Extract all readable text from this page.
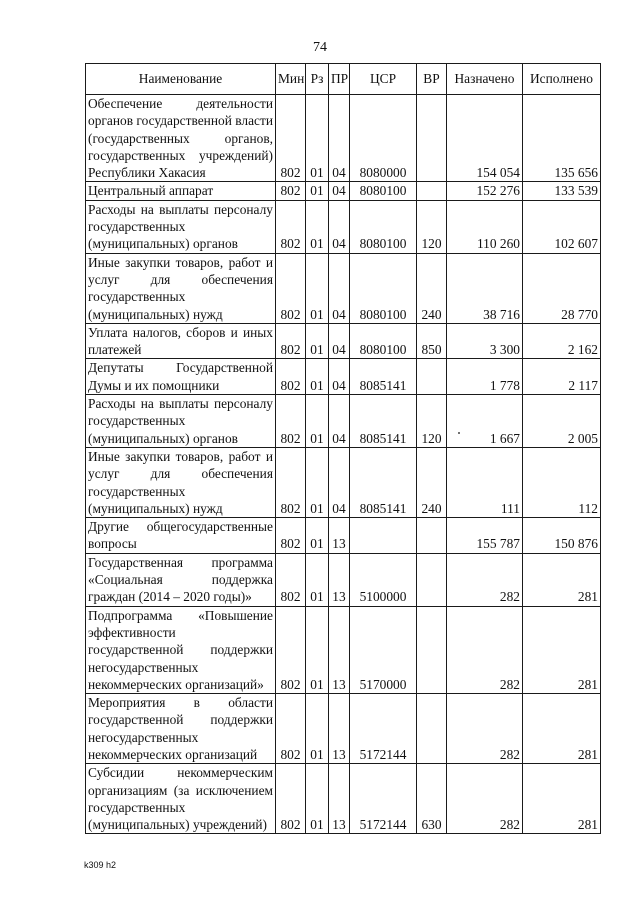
74
Наименование	Мин	Рз	ПР	ЦСР	ВР	Назначено	Исполнено
Обеспечение деятельности органов государственной власти (государственных органов, государственных учреждений) Республики Хакасия	802	01	04	8080000		154 054	135 656
Центральный аппарат	802	01	04	8080100		152 276	133 539
Расходы на выплаты персоналу государственных (муниципальных) органов	802	01	04	8080100	120	110 260	102 607
Иные закупки товаров, работ и услуг для обеспечения государственных (муниципальных) нужд	802	01	04	8080100	240	38 716	28 770
Уплата налогов, сборов и иных платежей	802	01	04	8080100	850	3 300	2 162
Депутаты Государственной Думы и их помощники	802	01	04	8085141		1 778	2 117
Расходы на выплаты персоналу государственных (муниципальных) органов	802	01	04	8085141	120	1 667	2 005
Иные закупки товаров, работ и услуг для обеспечения государственных (муниципальных) нужд	802	01	04	8085141	240	111	112
Другие общегосударственные вопросы	802	01	13			155 787	150 876
Государственная программа «Социальная поддержка граждан (2014 – 2020 годы)»	802	01	13	5100000		282	281
Подпрограмма «Повышение эффективности государственной поддержки негосударственных некоммерческих организаций»	802	01	13	5170000		282	281
Мероприятия в области государственной поддержки негосударственных некоммерческих организаций	802	01	13	5172144		282	281
Субсидии некоммерческим организациям (за исключением государственных (муниципальных) учреждений)	802	01	13	5172144	630	282	281
k309 h2
